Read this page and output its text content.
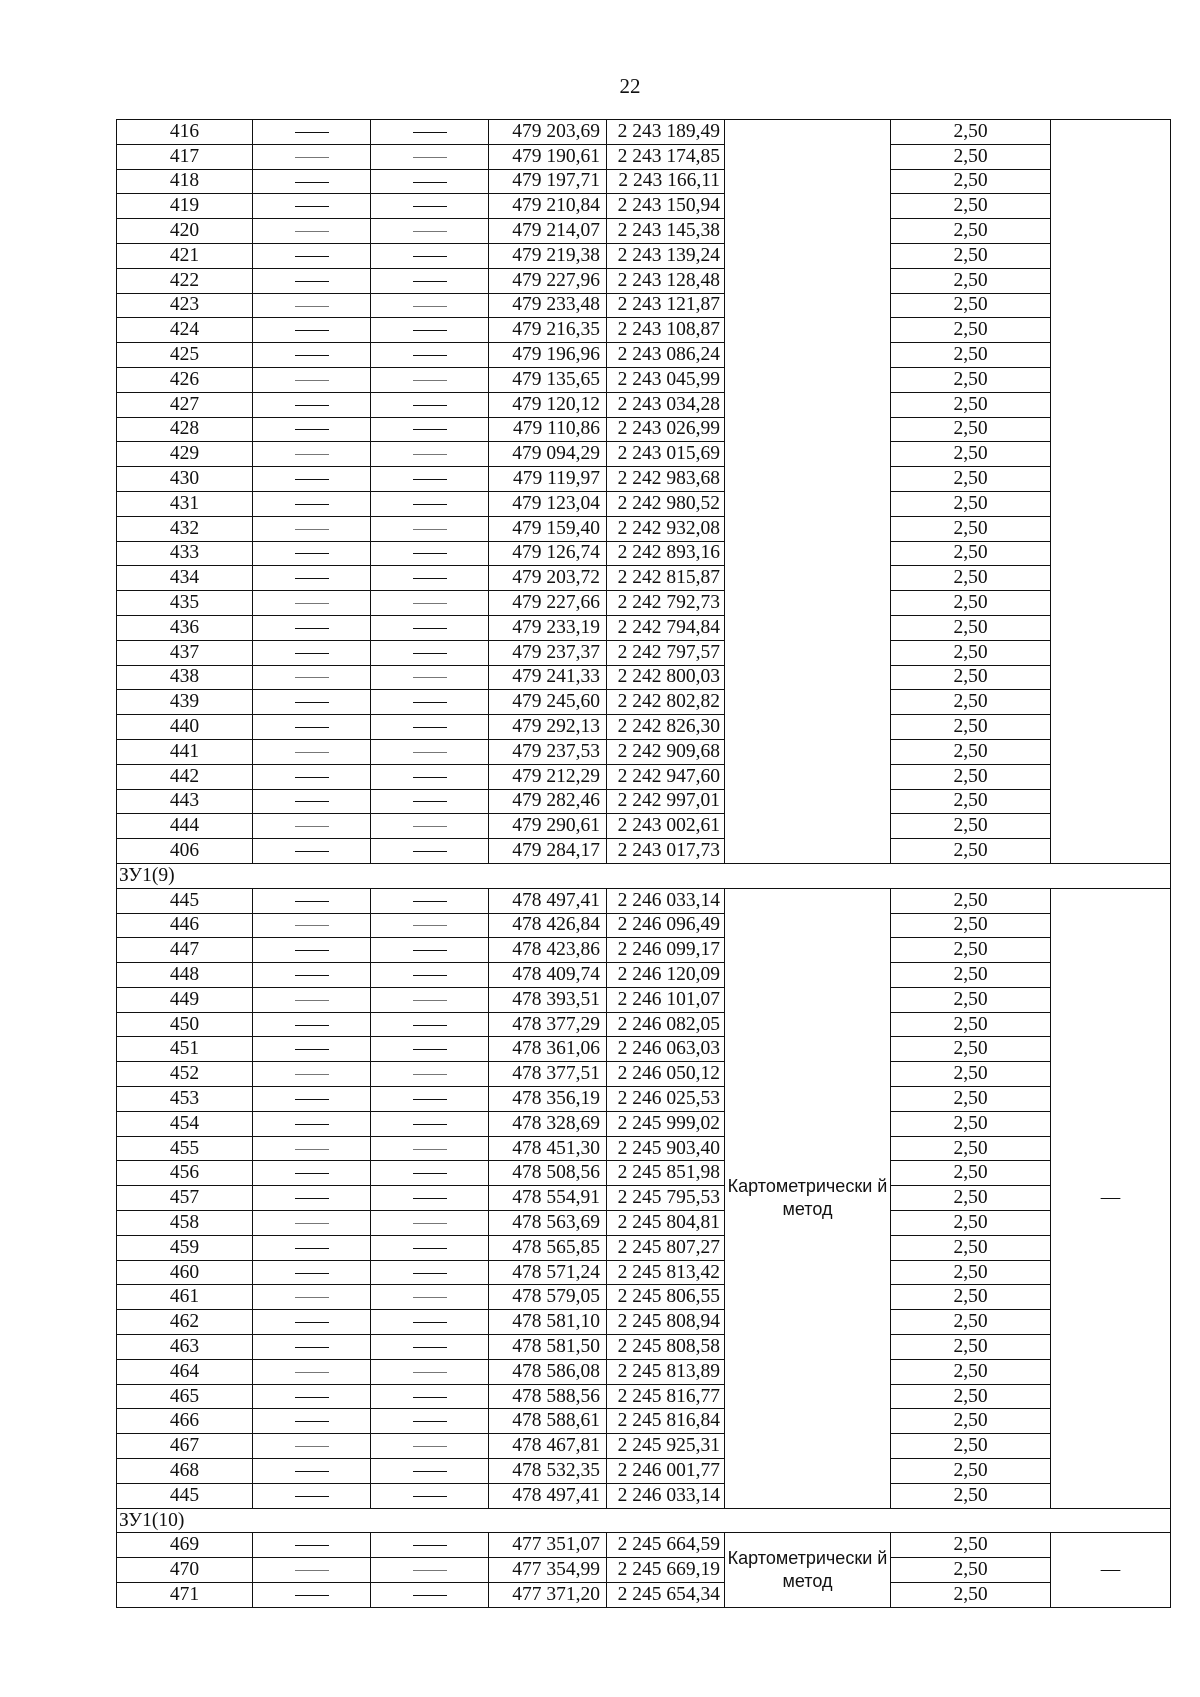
22
416			479 203,69	2 243 189,49		2,50	
417			479 190,61	2 243 174,85		2,50	
418			479 197,71	2 243 166,11		2,50	
419			479 210,84	2 243 150,94		2,50	
420			479 214,07	2 243 145,38		2,50	
421			479 219,38	2 243 139,24		2,50	
422			479 227,96	2 243 128,48		2,50	
423			479 233,48	2 243 121,87		2,50	
424			479 216,35	2 243 108,87		2,50	
425			479 196,96	2 243 086,24		2,50	
426			479 135,65	2 243 045,99		2,50	
427			479 120,12	2 243 034,28		2,50	
428			479 110,86	2 243 026,99		2,50	
429			479 094,29	2 243 015,69		2,50	
430			479 119,97	2 242 983,68		2,50	
431			479 123,04	2 242 980,52		2,50	
432			479 159,40	2 242 932,08		2,50	
433			479 126,74	2 242 893,16		2,50	
434			479 203,72	2 242 815,87		2,50	
435			479 227,66	2 242 792,73		2,50	
436			479 233,19	2 242 794,84		2,50	
437			479 237,37	2 242 797,57		2,50	
438			479 241,33	2 242 800,03		2,50	
439			479 245,60	2 242 802,82		2,50	
440			479 292,13	2 242 826,30		2,50	
441			479 237,53	2 242 909,68		2,50	
442			479 212,29	2 242 947,60		2,50	
443			479 282,46	2 242 997,01		2,50	
444			479 290,61	2 243 002,61		2,50	
406			479 284,17	2 243 017,73		2,50	
ЗУ1(9)							
445			478 497,41	2 246 033,14	Картометрически й метод	2,50	—
446			478 426,84	2 246 096,49		2,50	
447			478 423,86	2 246 099,17		2,50	
448			478 409,74	2 246 120,09		2,50	
449			478 393,51	2 246 101,07		2,50	
450			478 377,29	2 246 082,05		2,50	
451			478 361,06	2 246 063,03		2,50	
452			478 377,51	2 246 050,12		2,50	
453			478 356,19	2 246 025,53		2,50	
454			478 328,69	2 245 999,02		2,50	
455			478 451,30	2 245 903,40		2,50	
456			478 508,56	2 245 851,98		2,50	
457			478 554,91	2 245 795,53		2,50	
458			478 563,69	2 245 804,81		2,50	
459			478 565,85	2 245 807,27		2,50	
460			478 571,24	2 245 813,42		2,50	
461			478 579,05	2 245 806,55		2,50	
462			478 581,10	2 245 808,94		2,50	
463			478 581,50	2 245 808,58		2,50	
464			478 586,08	2 245 813,89		2,50	
465			478 588,56	2 245 816,77		2,50	
466			478 588,61	2 245 816,84		2,50	
467			478 467,81	2 245 925,31		2,50	
468			478 532,35	2 246 001,77		2,50	
445			478 497,41	2 246 033,14		2,50	
ЗУ1(10)							
469			477 351,07	2 245 664,59	Картометрически й метод	2,50	—
470			477 354,99	2 245 669,19		2,50	
471			477 371,20	2 245 654,34		2,50	
